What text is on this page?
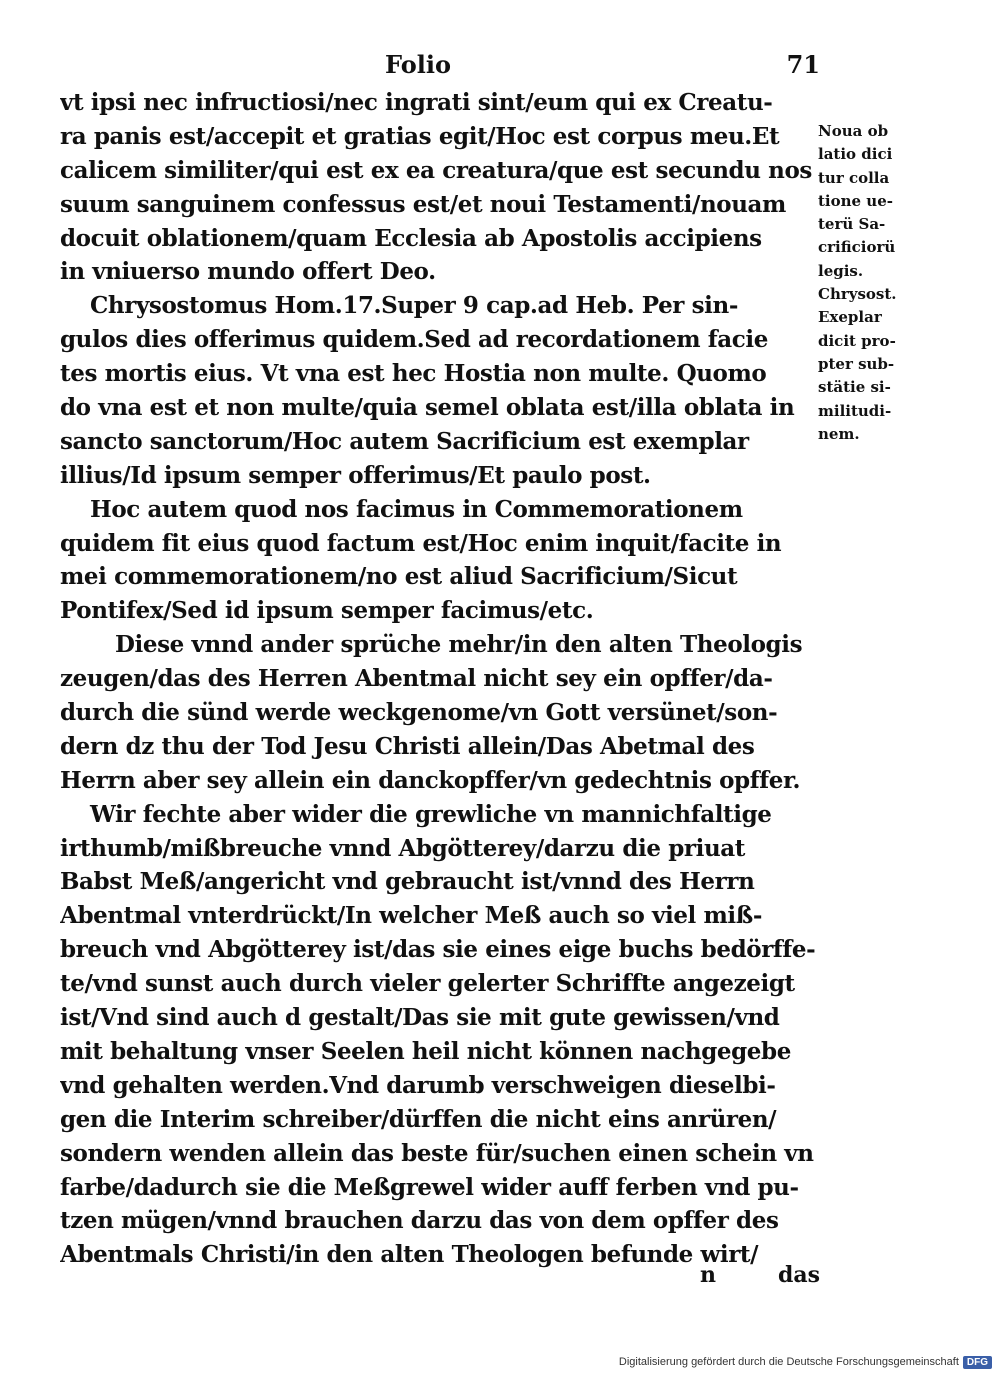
Folio	71
vt ipsi nec infructiosi/nec ingrati sint/eum qui ex Creatu-
ra panis est/accepit et gratias egit/Hoc est corpus meu.Et
calicem similiter/qui est ex ea creatura/que est secundu nos
suum sanguinem confessus est/et noui Testamenti/nouam
docuit oblationem/quam Ecclesia ab Apostolis accipiens
in vniuerso mundo offert Deo.
Chrysostomus Hom.17.Super 9 cap.ad Heb. Per sin-
gulos dies offerimus quidem.Sed ad recordationem facie
tes mortis eius. Vt vna est hec Hostia non multe. Quomo
do vna est et non multe/quia semel oblata est/illa oblata in
sancto sanctorum/Hoc autem Sacrificium est exemplar
illius/Id ipsum semper offerimus/Et paulo post.
Hoc autem quod nos facimus in Commemorationem
quidem fit eius quod factum est/Hoc enim inquit/facite in
mei commemorationem/no est aliud Sacrificium/Sicut
Pontifex/Sed id ipsum semper facimus/etc.
Diese vnnd ander sprüche mehr/in den alten Theologis
zeugen/das des Herren Abentmal nicht sey ein opffer/da-
durch die sünd werde weckgenome/vn Gott versünet/son-
dern dz thu der Tod Jesu Christi allein/Das Abetmal des
Herrn aber sey allein ein danckopffer/vn gedechtnis opffer.
Wir fechte aber wider die grewliche vn mannichfaltige
irthumb/mißbreuche vnnd Abgötterey/darzu die priuat
Babst Meß/angericht vnd gebraucht ist/vnnd des Herrn
Abentmal vnterdrückt/In welcher Meß auch so viel miß-
breuch vnd Abgötterey ist/das sie eines eige buchs bedörffe-
te/vnd sunst auch durch vieler gelerter Schriffte angezeigt
ist/Vnd sind auch d gestalt/Das sie mit gute gewissen/vnd
mit behaltung vnser Seelen heil nicht können nachgegebe
vnd gehalten werden.Vnd darumb verschweigen dieselbi-
gen die Interim schreiber/dürffen die nicht eins anrüren/
sondern wenden allein das beste für/suchen einen schein vn
farbe/dadurch sie die Meßgrewel wider auff ferben vnd pu-
tzen mügen/vnnd brauchen darzu das von dem opffer des
Abentmals Christi/in den alten Theologen befunde wirt/
Noua ob
latio dici
tur colla
tione ue-
terü Sa-
crificiorü
legis.
Chrysost.
Exeplar
dicit pro-
pter sub-
stätie si-
militudi-
nem.
n	das
Digitalisierung gefördert durch die Deutsche Forschungsgemeinschaft DFG
